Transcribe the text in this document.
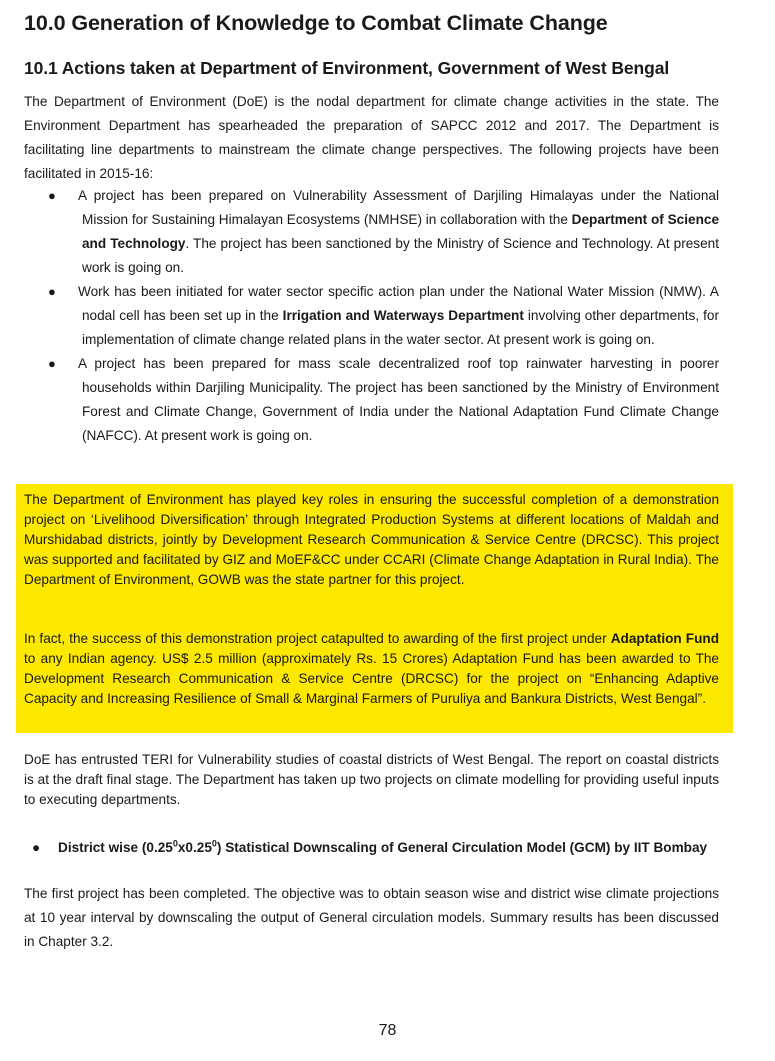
10.0 Generation of Knowledge to Combat Climate Change
10.1 Actions taken at Department of Environment, Government of West Bengal

The Department of Environment (DoE) is the nodal department for climate change activities in the state. The Environment Department has spearheaded the preparation of SAPCC 2012 and 2017. The Department is facilitating line departments to mainstream the climate change perspectives. The following projects have been facilitated in 2015-16:

● A project has been prepared on Vulnerability Assessment of Darjiling Himalayas under the National Mission for Sustaining Himalayan Ecosystems (NMHSE) in collaboration with the Department of Science and Technology. The project has been sanctioned by the Ministry of Science and Technology. At present work is going on.
● Work has been initiated for water sector specific action plan under the National Water Mission (NMW). A nodal cell has been set up in the Irrigation and Waterways Department involving other departments, for implementation of climate change related plans in the water sector. At present work is going on.
● A project has been prepared for mass scale decentralized roof top rainwater harvesting in poorer households within Darjiling Municipality. The project has been sanctioned by the Ministry of Environment Forest and Climate Change, Government of India under the National Adaptation Fund Climate Change (NAFCC). At present work is going on.

The Department of Environment has played key roles in ensuring the successful completion of a demonstration project on ‘Livelihood Diversification’ through Integrated Production Systems at different locations of Maldah and Murshidabad districts, jointly by Development Research Communication & Service Centre (DRCSC). This project was supported and facilitated by GIZ and MoEF&CC under CCARI (Climate Change Adaptation in Rural India). The Department of Environment, GOWB was the state partner for this project.

In fact, the success of this demonstration project catapulted to awarding of the first project under Adaptation Fund to any Indian agency. US$ 2.5 million (approximately Rs. 15 Crores) Adaptation Fund has been awarded to The Development Research Communication & Service Centre (DRCSC) for the project on “Enhancing Adaptive Capacity and Increasing Resilience of Small & Marginal Farmers of Puruliya and Bankura Districts, West Bengal”.

DoE has entrusted TERI for Vulnerability studies of coastal districts of West Bengal. The report on coastal districts is at the draft final stage. The Department has taken up two projects on climate modelling for providing useful inputs to executing departments.

●	District wise (0.25$^0$x0.25$^0$) Statistical Downscaling of General Circulation Model (GCM) by IIT Bombay

The first project has been completed. The objective was to obtain season wise and district wise climate projections at 10 year interval by downscaling the output of General circulation models. Summary results has been discussed in Chapter 3.2.

78
